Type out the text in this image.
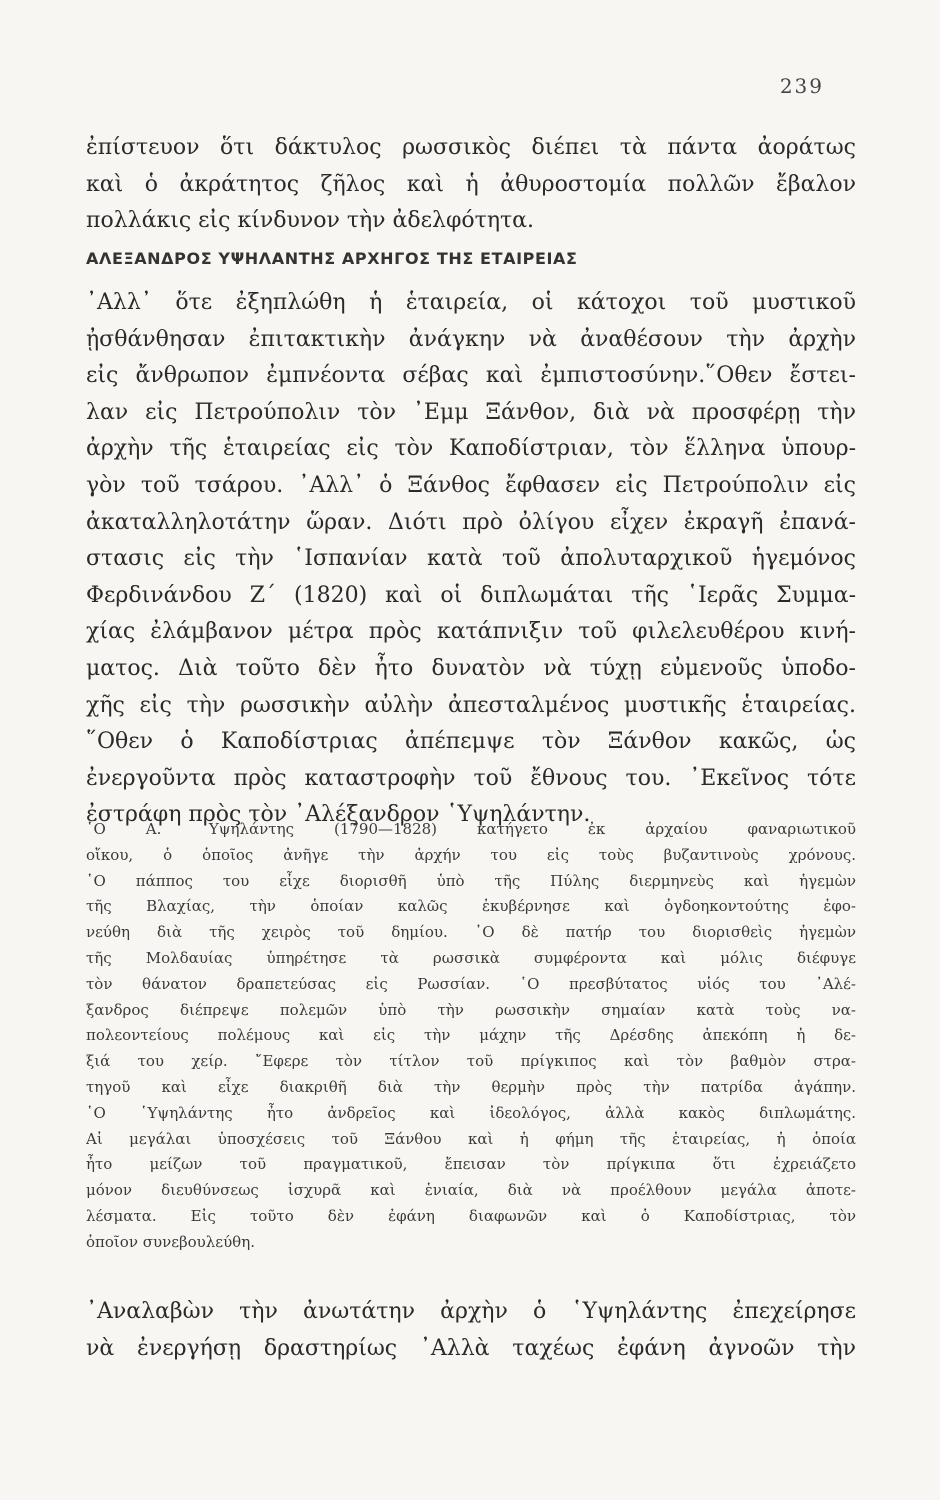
239
ἐπίστευον ὅτι δάκτυλος ρωσσικὸς διέπει τὰ πάντα ἀοράτως
καὶ ὁ ἀκράτητος ζῆλος καὶ ἡ ἀθυροστομία πολλῶν ἔβαλον
πολλάκις εἰς κίνδυνον τὴν ἀδελφότητα.
ΑΛΕΞΑΝΔΡΟΣ ΥΨΗΛΑΝΤΗΣ ΑΡΧΗΓΟΣ ΤΗΣ ΕΤΑΙΡΕΙΑΣ
᾿Αλλ᾿ ὅτε ἐξηπλώθη ἡ ἑταιρεία, οἱ κάτοχοι τοῦ μυστικοῦ
ᾐσθάνθησαν ἐπιτακτικὴν ἀνάγκην νὰ ἀναθέσουν τὴν ἀρχὴν
εἰς ἄνθρωπον ἐμπνέοντα σέβας καὶ ἐμπιστοσύνην.῞Οθεν ἔστει-
λαν εἰς Πετρούπολιν τὸν ᾿Εμμ Ξάνθον, διὰ νὰ προσφέρῃ τὴν
ἀρχὴν τῆς ἑταιρείας εἰς τὸν Καποδίστριαν, τὸν ἕλληνα ὑπουρ-
γὸν τοῦ τσάρου. ᾿Αλλ᾿ ὁ Ξάνθος ἔφθασεν εἰς Πετρούπολιν εἰς
ἀκαταλληλοτάτην ὥραν. Διότι πρὸ ὀλίγου εἶχεν ἐκραγῆ ἐπανά-
στασις εἰς τὴν ῾Ισπανίαν κατὰ τοῦ ἀπολυταρχικοῦ ἡγεμόνος
Φερδινάνδου Ζ´ (1820) καὶ οἱ διπλωμάται τῆς ῾Ιερᾶς Συμμα-
χίας ἐλάμβανον μέτρα πρὸς κατάπνιξιν τοῦ φιλελευθέρου κινή-
ματος. Διὰ τοῦτο δὲν ἦτο δυνατὸν νὰ τύχῃ εὐμενοῦς ὑποδο-
χῆς εἰς τὴν ρωσσικὴν αὐλὴν ἀπεσταλμένος μυστικῆς ἑταιρείας.
῞Οθεν ὁ Καποδίστριας ἀπέπεμψε τὸν Ξάνθον κακῶς, ὡς
ἐνεργοῦντα πρὸς καταστροφὴν τοῦ ἔθνους του. ᾿Εκεῖνος τότε
ἐστράφη πρὸς τὸν ᾿Αλέξανδρον ῾Υψηλάντην.
῾Ο Α. ῾Υψηλάντης (1790—1828) κατήγετο ἐκ ἀρχαίου φαναριωτικοῦ
οἴκου, ὁ ὁποῖος ἀνῆγε τὴν ἀρχήν του εἰς τοὺς βυζαντινοὺς χρόνους.
῾Ο πάππος του εἶχε διορισθῆ ὑπὸ τῆς Πύλης διερμηνεὺς καὶ ἡγεμὼν
τῆς Βλαχίας, τὴν ὁποίαν καλῶς ἐκυβέρνησε καὶ ὀγδοηκοντούτης ἐφο-
νεύθη διὰ τῆς χειρὸς τοῦ δημίου. ῾Ο δὲ πατήρ του διορισθεὶς ἡγεμὼν
τῆς Μολδαυίας ὑπηρέτησε τὰ ρωσσικὰ συμφέροντα καὶ μόλις διέφυγε
τὸν θάνατον δραπετεύσας εἰς Ρωσσίαν. ῾Ο πρεσβύτατος υἱός του ᾿Αλέ-
ξανδρος διέπρεψε πολεμῶν ὑπὸ τὴν ρωσσικὴν σημαίαν κατὰ τοὺς να-
πολεοντείους πολέμους καὶ εἰς τὴν μάχην τῆς Δρέσδης ἀπεκόπη ἡ δε-
ξιά του χείρ. ῎Εφερε τὸν τίτλον τοῦ πρίγκιπος καὶ τὸν βαθμὸν στρα-
τηγοῦ καὶ εἶχε διακριθῆ διὰ τὴν θερμὴν πρὸς τὴν πατρίδα ἀγάπην.
῾Ο ῾Υψηλάντης ἦτο ἀνδρεῖος καὶ ἰδεολόγος, ἀλλὰ κακὸς διπλωμάτης.
Αἱ μεγάλαι ὑποσχέσεις τοῦ Ξάνθου καὶ ἡ φήμη τῆς ἑταιρείας, ἡ ὁποία
ἦτο μείζων τοῦ πραγματικοῦ, ἔπεισαν τὸν πρίγκιπα ὅτι ἐχρειάζετο
μόνον διευθύνσεως ἰσχυρᾶ καὶ ἑνιαία, διὰ νὰ προέλθουν μεγάλα ἀποτε-
λέσματα. Εἰς τοῦτο δὲν ἐφάνη διαφωνῶν καὶ ὁ Καποδίστριας, τὸν
ὁποῖον συνεβουλεύθη.
᾿Αναλαβὼν τὴν ἀνωτάτην ἀρχὴν ὁ ῾Υψηλάντης ἐπεχείρησε
νὰ ἐνεργήσῃ δραστηρίως ᾿Αλλὰ ταχέως ἐφάνη ἀγνοῶν τὴν
